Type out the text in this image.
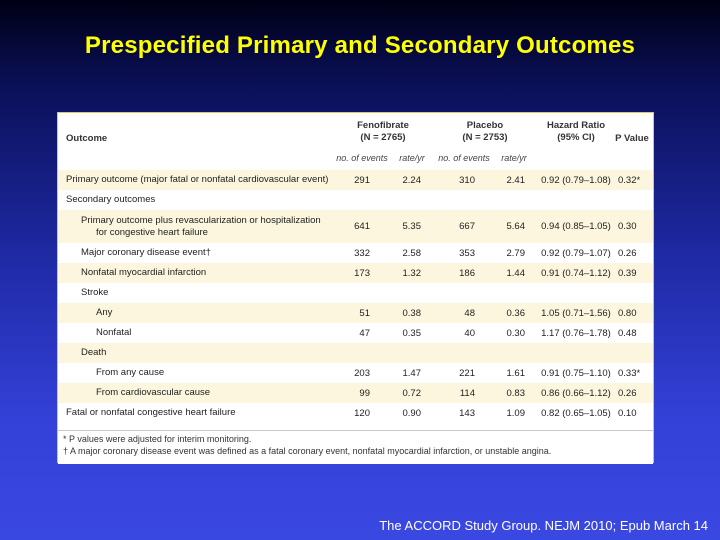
Prespecified Primary and Secondary Outcomes
Outcome
Fenofibrate
(N = 2765)
Placebo
(N = 2753)
Hazard Ratio
(95% CI)	P Value
no. of events	rate/yr	no. of events	rate/yr
Primary outcome (major fatal or nonfatal cardiovascular event)	291	2.24	310	2.41	0.92 (0.79–1.08) 0.32*
Secondary outcomes
Primary outcome plus revascularization or hospitalization
for congestive heart failure	641	5.35	667	5.64	0.94 (0.85–1.05) 0.30
Major coronary disease event†	332	2.58	353	2.79	0.92 (0.79–1.07) 0.26
Nonfatal myocardial infarction	173	1.32	186	1.44	0.91 (0.74–1.12) 0.39
Stroke
Any	51	0.38	48	0.36	1.05 (0.71–1.56) 0.80
Nonfatal	47	0.35	40	0.30	1.17 (0.76–1.78) 0.48
Death
From any cause	203	1.47	221	1.61	0.91 (0.75–1.10) 0.33*
From cardiovascular cause	99	0.72	114	0.83	0.86 (0.66–1.12) 0.26
Fatal or nonfatal congestive heart failure	120	0.90	143	1.09	0.82 (0.65–1.05) 0.10
* P values were adjusted for interim monitoring.
† A major coronary disease event was defined as a fatal coronary event, nonfatal myocardial infarction, or unstable angina.
The ACCORD Study Group. NEJM 2010; Epub March 14
